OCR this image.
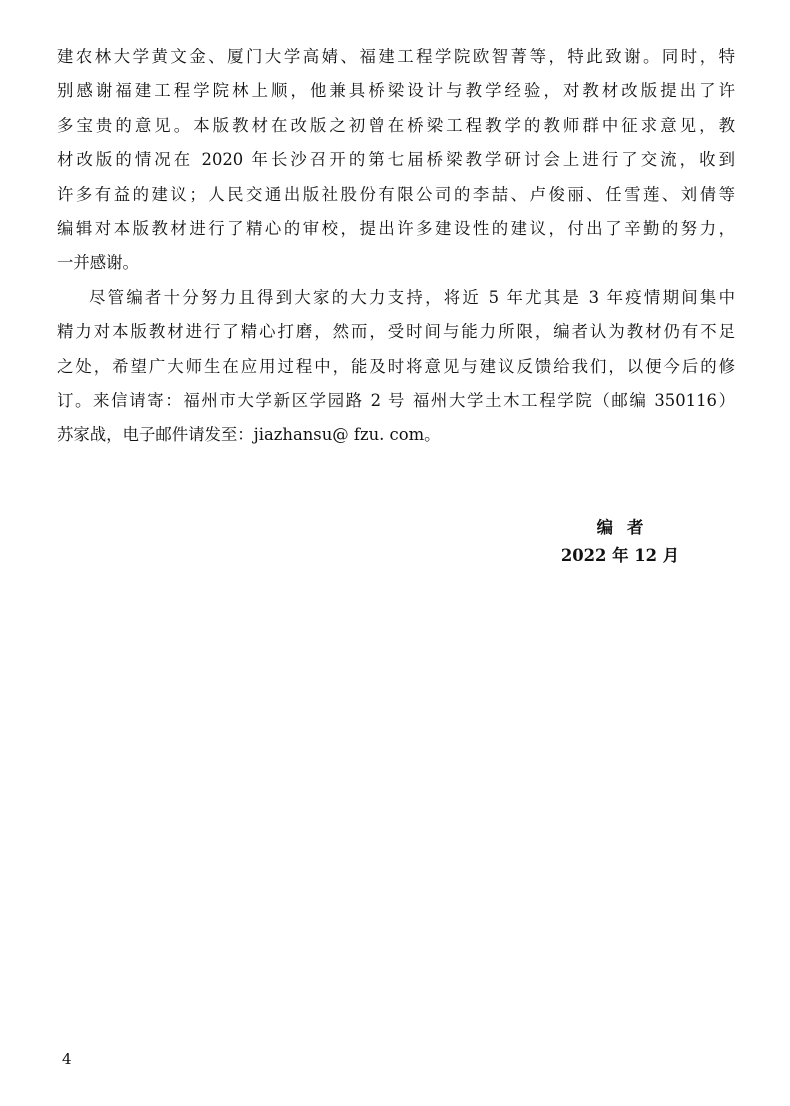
建农林大学黄文金、厦门大学高婧、福建工程学院欧智菁等，特此致谢。同时，特
别感谢福建工程学院林上顺，他兼具桥梁设计与教学经验，对教材改版提出了许
多宝贵的意见。本版教材在改版之初曾在桥梁工程教学的教师群中征求意见，教
材改版的情况在 2020 年长沙召开的第七届桥梁教学研讨会上进行了交流，收到
许多有益的建议；人民交通出版社股份有限公司的李喆、卢俊丽、任雪莲、刘倩等
编辑对本版教材进行了精心的审校，提出许多建设性的建议，付出了辛勤的努力，
一并感谢。

尽管编者十分努力且得到大家的大力支持，将近 5 年尤其是 3 年疫情期间集中
精力对本版教材进行了精心打磨，然而，受时间与能力所限，编者认为教材仍有不足
之处，希望广大师生在应用过程中，能及时将意见与建议反馈给我们，以便今后的修
订。来信请寄：福州市大学新区学园路 2 号 福州大学土木工程学院（邮编 350116）
苏家战，电子邮件请发至：jiazhansu@ fzu. com。

编者
2022 年 12 月
4
